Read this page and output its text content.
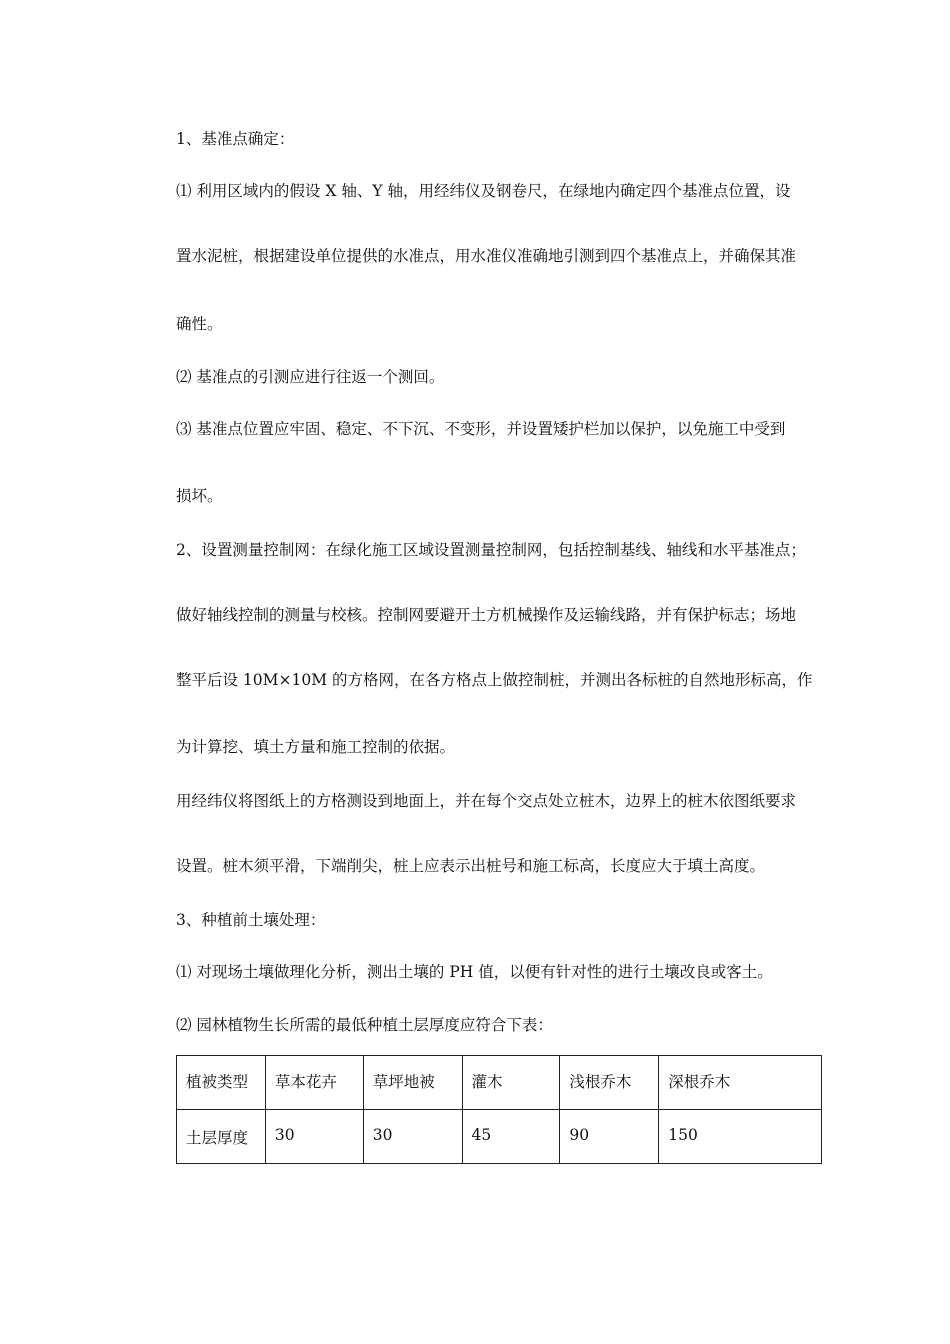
1、基准点确定：
⑴ 利用区域内的假设 X 轴、Y 轴，用经纬仪及钢卷尺，在绿地内确定四个基准点位置，设
置水泥桩，根据建设单位提供的水准点，用水准仪准确地引测到四个基准点上，并确保其准
确性。
⑵ 基准点的引测应进行往返一个测回。
⑶ 基准点位置应牢固、稳定、不下沉、不变形，并设置矮护栏加以保护，以免施工中受到
损坏。
2、设置测量控制网：在绿化施工区域设置测量控制网，包括控制基线、轴线和水平基准点；
做好轴线控制的测量与校核。控制网要避开土方机械操作及运输线路，并有保护标志；场地
整平后设 10M×10M 的方格网，在各方格点上做控制桩，并测出各标桩的自然地形标高，作
为计算挖、填土方量和施工控制的依据。
用经纬仪将图纸上的方格测设到地面上，并在每个交点处立桩木，边界上的桩木依图纸要求
设置。桩木须平滑，下端削尖，桩上应表示出桩号和施工标高，长度应大于填土高度。
3、种植前土壤处理：
⑴ 对现场土壤做理化分析，测出土壤的 PH 值，以便有针对性的进行土壤改良或客土。
⑵ 园林植物生长所需的最低种植土层厚度应符合下表：
植被类型	草本花卉	草坪地被	灌木	浅根乔木	深根乔木
土层厚度	30	30	45	90	150
